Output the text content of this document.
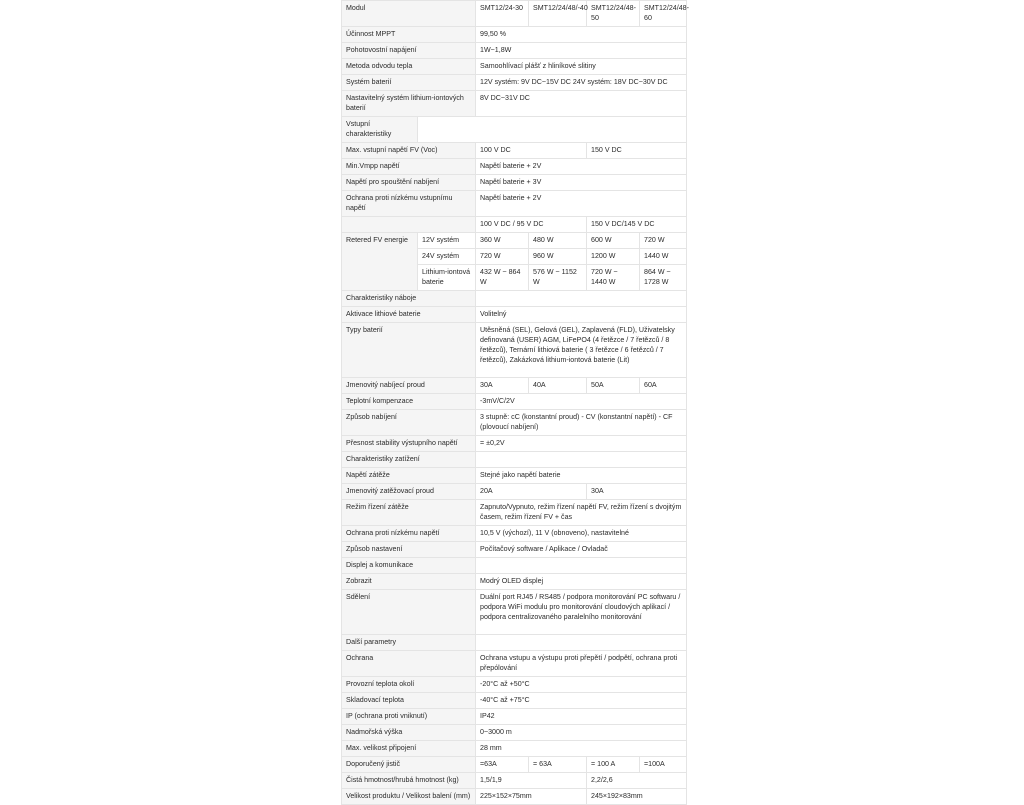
Modul		SMT12/24-30	SMT12/24/48/-40	SMT12/24/48-50	SMT12/24/48-60
Účinnost MPPT		99,50 %			
Pohotovostní napájení		1W~1,8W			
Metoda odvodu tepla		Samoohlívací plášť z hliníkové slitiny			
Systém baterií		12V systém: 9V DC~15V DC 24V systém: 18V DC~30V DC			
Nastavitelný systém lithium-iontových baterií		8V DC~31V DC			
Vstupní charakteristiky					
Max. vstupní napětí FV (Voc)		100 V DC		150 V DC	
Min.Vmpp napětí		Napětí baterie + 2V			
Napětí pro spouštění nabíjení		Napětí baterie + 3V			
Ochrana proti nízkému vstupnímu napětí		Napětí baterie + 2V			
		100 V DC / 95 V DC		150 V DC/145 V DC	
Retered FV energie	12V systém	360 W	480 W	600 W	720 W
	24V systém	720 W	960 W	1200 W	1440 W
	Lithium-iontová baterie	432 W ~ 864 W	576 W ~ 1152 W	720 W ~ 1440 W	864 W ~ 1728 W
Charakteristiky náboje					
Aktivace lithiové baterie		Volitelný			
Typy baterií		Utěsněná (SEL), Gelová (GEL), Zaplavená (FLD), Uživatelsky definovaná (USER) AGM, LiFePO4 (4 řetězce / 7 řetězců / 8 řetězců), Ternární lithiová baterie ( 3 řetězce / 6 řetězců / 7 řetězců), Zakázková lithium-iontová baterie (Lit)			
Jmenovitý nabíjecí proud		30A	40A	50A	60A
Teplotní kompenzace		-3mV/C/2V			
Způsob nabíjení		3 stupně: cC (konstantní proud) - CV (konstantní napětí) - CF (plovoucí nabíjení)			
Přesnost stability výstupního napětí		= ±0,2V			
Charakteristiky zatížení					
Napětí zátěže		Stejné jako napětí baterie			
Jmenovitý zatěžovací proud		20A		30A	
Režim řízení zátěže		Zapnuto/Vypnuto, režim řízení napětí FV, režim řízení s dvojitým časem, režim řízení FV + čas			
Ochrana proti nízkému napětí		10,5 V (výchozí), 11 V (obnoveno), nastavitelné			
Způsob nastavení		Počítačový software / Aplikace / Ovladač			
Displej a komunikace					
Zobrazit		Modrý OLED displej			
Sdělení		Duální port RJ45 / RS485 / podpora monitorování PC softwaru / podpora WiFi modulu pro monitorování cloudových aplikací / podpora centralizovaného paralelního monitorování			
Další parametry					
Ochrana		Ochrana vstupu a výstupu proti přepětí / podpětí, ochrana proti přepólování			
Provozní teplota okolí		-20°C až +50°C			
Skladovací teplota		-40°C až +75°C			
IP (ochrana proti vniknutí)		IP42			
Nadmořská výška		0~3000 m			
Max. velikost připojení		28 mm			
Doporučený jistič		=63A	= 63A	= 100 A	=100A
Čistá hmotnost/hrubá hmotnost (kg)		1,5/1,9		2,2/2,6	
Velikost produktu / Velikost balení (mm)		225×152×75mm		245×192×83mm	
